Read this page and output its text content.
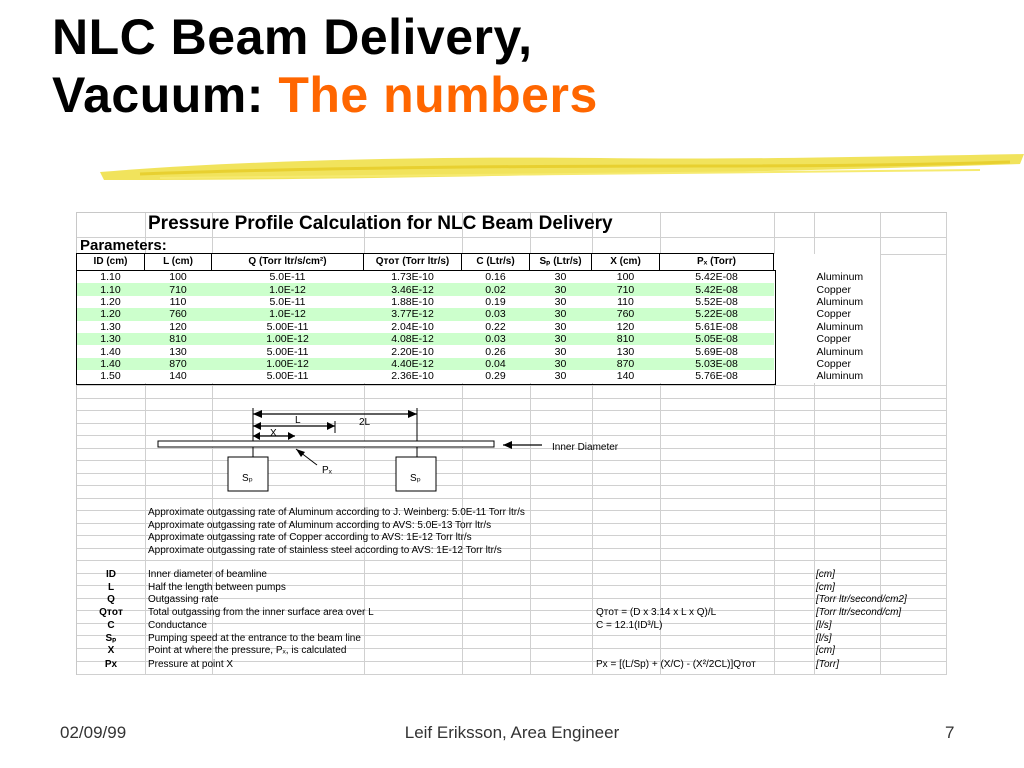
NLC Beam Delivery,
Vacuum: The numbers
Pressure Profile Calculation for NLC Beam Delivery
Parameters:
ID (cm)	L (cm)	Q (Torr ltr/s/cm²)	Qᴛᴏᴛ (Torr ltr/s)	C (Ltr/s)	Sₚ (Ltr/s)	X (cm)	Pₓ (Torr)		
1.10	100	5.0E-11	1.73E-10	0.16	30	100	5.42E-08		Aluminum
1.10	710	1.0E-12	3.46E-12	0.02	30	710	5.42E-08		Copper
1.20	110	5.0E-11	1.88E-10	0.19	30	110	5.52E-08		Aluminum
1.20	760	1.0E-12	3.77E-12	0.03	30	760	5.22E-08		Copper
1.30	120	5.00E-11	2.04E-10	0.22	30	120	5.61E-08		Aluminum
1.30	810	1.00E-12	4.08E-12	0.03	30	810	5.05E-08		Copper
1.40	130	5.00E-11	2.20E-10	0.26	30	130	5.69E-08		Aluminum
1.40	870	1.00E-12	4.40E-12	0.04	30	870	5.03E-08		Copper
1.50	140	5.00E-11	2.36E-10	0.29	30	140	5.76E-08		Aluminum
L	2L
X
Inner Diameter
Pₓ
Sₚ	Sₚ
Approximate outgassing rate of Aluminum according to J. Weinberg: 5.0E-11 Torr ltr/s
Approximate outgassing rate of Aluminum according to AVS: 5.0E-13 Torr ltr/s
Approximate outgassing rate of Copper according to AVS: 1E-12 Torr ltr/s
Approximate outgassing rate of stainless steel according to AVS: 1E-12 Torr ltr/s
ID	Inner diameter of beamline	[cm]
L	Half the length between pumps	[cm]
Q	Outgassing rate	[Torr ltr/second/cm2]
Qᴛᴏᴛ	Total outgassing from the inner surface area over L	Qᴛᴏᴛ = (D x 3.14 x L x Q)/L	[Torr ltr/second/cm]
C	Conductance	C = 12.1(ID³/L)	[l/s]
Sₚ	Pumping speed at the entrance to the beam line	[l/s]
X	Point at where the pressure, Pₓ, is calculated	[cm]
Px	Pressure at point X	Px = [(L/Sp) + (X/C) - (X²/2CL)]Qᴛᴏᴛ	[Torr]
02/09/99	Leif Eriksson, Area Engineer	7
